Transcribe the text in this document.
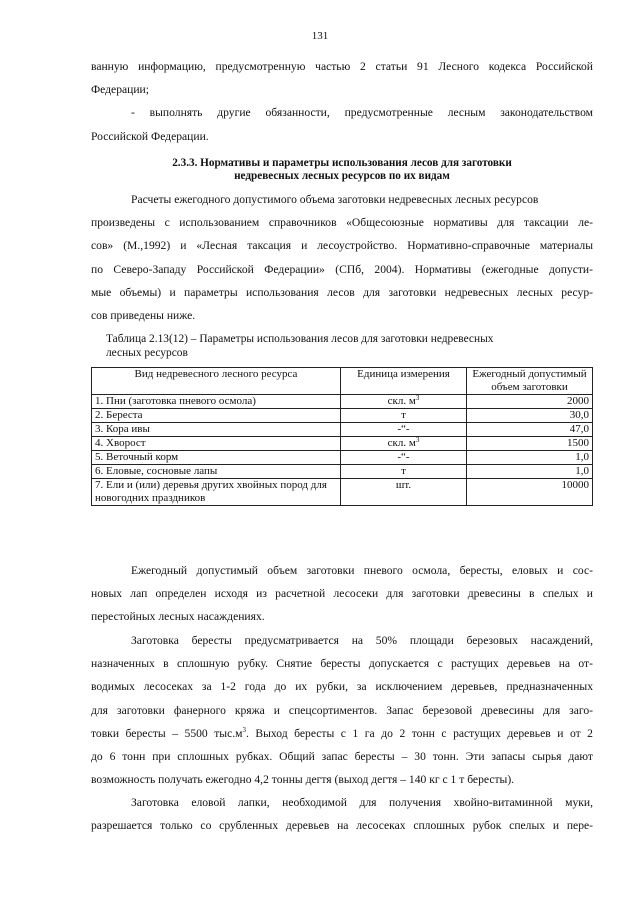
131
ванную информацию, предусмотренную частью 2 статьи 91 Лесного кодекса Российской
Федерации;
- выполнять другие обязанности, предусмотренные лесным законодательством
Российской Федерации.
2.3.3. Нормативы и параметры использования лесов для заготовки
недревесных лесных ресурсов по их видам
Расчеты ежегодного допустимого объема заготовки недревесных лесных ресурсов
произведены с использованием справочников «Общесоюзные нормативы для таксации ле-
сов» (М.,1992) и «Лесная таксация и лесоустройство. Нормативно-справочные материалы
по Северо-Западу Российской Федерации» (СПб, 2004). Нормативы (ежегодные допусти-
мые объемы) и параметры использования лесов для заготовки недревесных лесных ресур-
сов приведены ниже.
Таблица 2.13(12) – Параметры использования лесов для заготовки недревесных
лесных ресурсов
Вид недревесного лесного ресурса	Единица измерения	Ежегодный допустимый объем заготовки
1. Пни (заготовка пневого осмола)	скл. $м^3$	2000
2. Береста	т	30,0
3. Кора ивы	-“-	47,0
4. Хворост	скл. $м^3$	1500
5. Веточный корм	-“-	1,0
6. Еловые, сосновые лапы	т	1,0
7. Ели и (или) деревья других хвойных пород для новогодних праздников	шт.	10000
Ежегодный допустимый объем заготовки пневого осмола, бересты, еловых и сос-
новых лап определен исходя из расчетной лесосеки для заготовки древесины в спелых и
перестойных лесных насаждениях.
Заготовка бересты предусматривается на 50% площади березовых насаждений,
назначенных в сплошную рубку. Снятие бересты допускается с растущих деревьев на от-
водимых лесосеках за 1-2 года до их рубки, за исключением деревьев, предназначенных
для заготовки фанерного кряжа и спецсортиментов. Запас березовой древесины для заго-
товки бересты – 5500 $тыс.м^3$. Выход бересты с 1 га до 2 тонн с растущих деревьев и от 2
до 6 тонн при сплошных рубках. Общий запас бересты – 30 тонн. Эти запасы сырья дают
возможность получать ежегодно 4,2 тонны дегтя (выход дегтя – 140 кг с 1 т бересты).
Заготовка еловой лапки, необходимой для получения хвойно-витаминной муки,
разрешается только со срубленных деревьев на лесосеках сплошных рубок спелых и пере-
